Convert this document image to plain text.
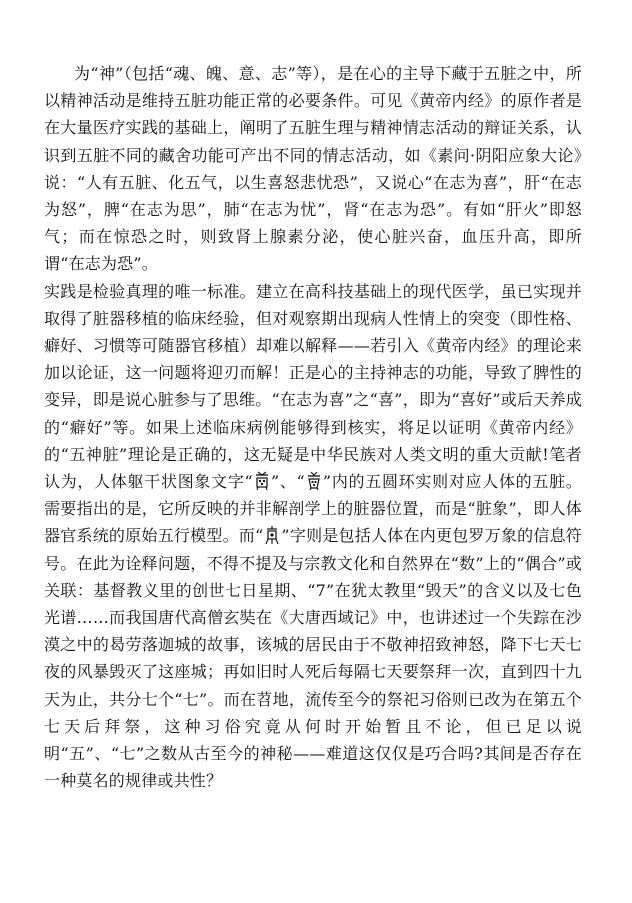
为“神”（包括“魂、魄、意、志”等），是在心的主导下藏于五脏之中，所以精神活动是维持五脏功能正常的必要条件。可见《黄帝内经》的原作者是在大量医疗实践的基础上，阐明了五脏生理与精神情志活动的辩证关系，认识到五脏不同的藏舍功能可产出不同的情志活动，如《素问·阴阳应象大论》说：“人有五脏、化五气，以生喜怒悲忧恐”，又说心“在志为喜”，肝“在志为怒”，脾“在志为思”，肺“在志为忧”，肾“在志为恐”。有如“肝火”即怒气；而在惊恐之时，则致肾上腺素分泌，使心脏兴奋，血压升高，即所谓“在志为恐”。

实践是检验真理的唯一标准。建立在高科技基础上的现代医学，虽已实现并取得了脏器移植的临床经验，但对观察期出现病人性情上的突变（即性格、癖好、习惯等可随器官移植）却难以解释——若引入《黄帝内经》的理论来加以论证，这一问题将迎刃而解！正是心的主持神志的功能，导致了脾性的变异，即是说心脏参与了思维。“在志为喜”之“喜”，即为“喜好”或后天养成的“癖好”等。如果上述临床病例能够得到核实，将足以证明《黄帝内经》的“五神脏”理论是正确的，这无疑是中华民族对人类文明的重大贡献!笔者认为，人体躯干状图象文字“ ”、“ ”内的五圆环实则对应人体的五脏。需要指出的是，它所反映的并非解剖学上的脏器位置，而是“脏象”，即人体器官系统的原始五行模型。而“ ”字则是包括人体在内更包罗万象的信息符号。在此为诠释问题，不得不提及与宗教文化和自然界在“数”上的“偶合”或关联：基督教义里的创世七日星期、“7”在犹太教里“毁天”的含义以及七色光谱……而我国唐代高僧玄奘在《大唐西域记》中，也讲述过一个失踪在沙漠之中的曷劳落迦城的故事，该城的居民由于不敬神招致神怒，降下七天七夜的风暴毁灭了这座城；再如旧时人死后每隔七天要祭拜一次，直到四十九天为止，共分七个“七”。而在苕地，流传至今的祭祀习俗则已改为在第五个七天后拜祭，这种习俗究竟从何时开始暂且不论，但已足以说明“五”、“七”之数从古至今的神秘——难道这仅仅是巧合吗?其间是否存在一种莫名的规律或共性？
